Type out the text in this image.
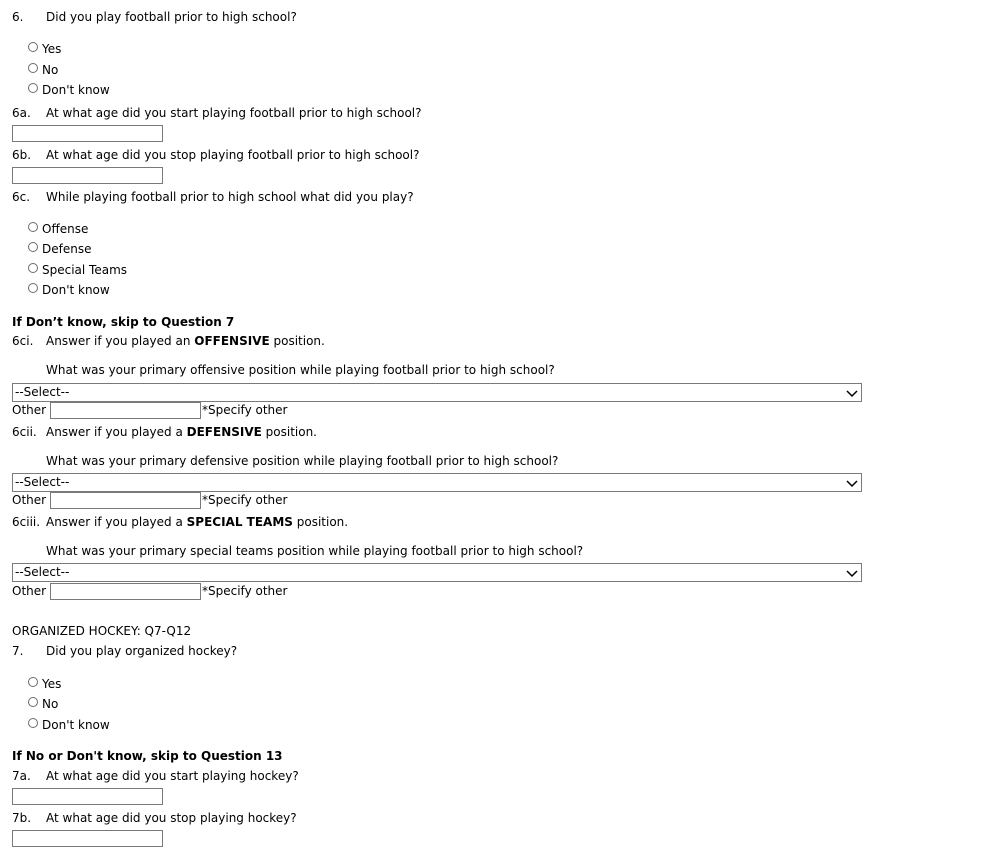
6. Did you play football prior to high school?
Yes
No
Don't know
6a. At what age did you start playing football prior to high school?
6b. At what age did you stop playing football prior to high school?
6c. While playing football prior to high school what did you play?
Offense
Defense
Special Teams
Don't know
If Don’t know, skip to Question 7
6ci. Answer if you played an OFFENSIVE position.
What was your primary offensive position while playing football prior to high school?
--Select--
Other	*Specify other
6cii. Answer if you played a DEFENSIVE position.
What was your primary defensive position while playing football prior to high school?
--Select--
Other	*Specify other
6ciii. Answer if you played a SPECIAL TEAMS position.
What was your primary special teams position while playing football prior to high school?
--Select--
Other	*Specify other
ORGANIZED HOCKEY: Q7-Q12
7. Did you play organized hockey?
Yes
No
Don't know
If No or Don't know, skip to Question 13
7a. At what age did you start playing hockey?
7b. At what age did you stop playing hockey?
